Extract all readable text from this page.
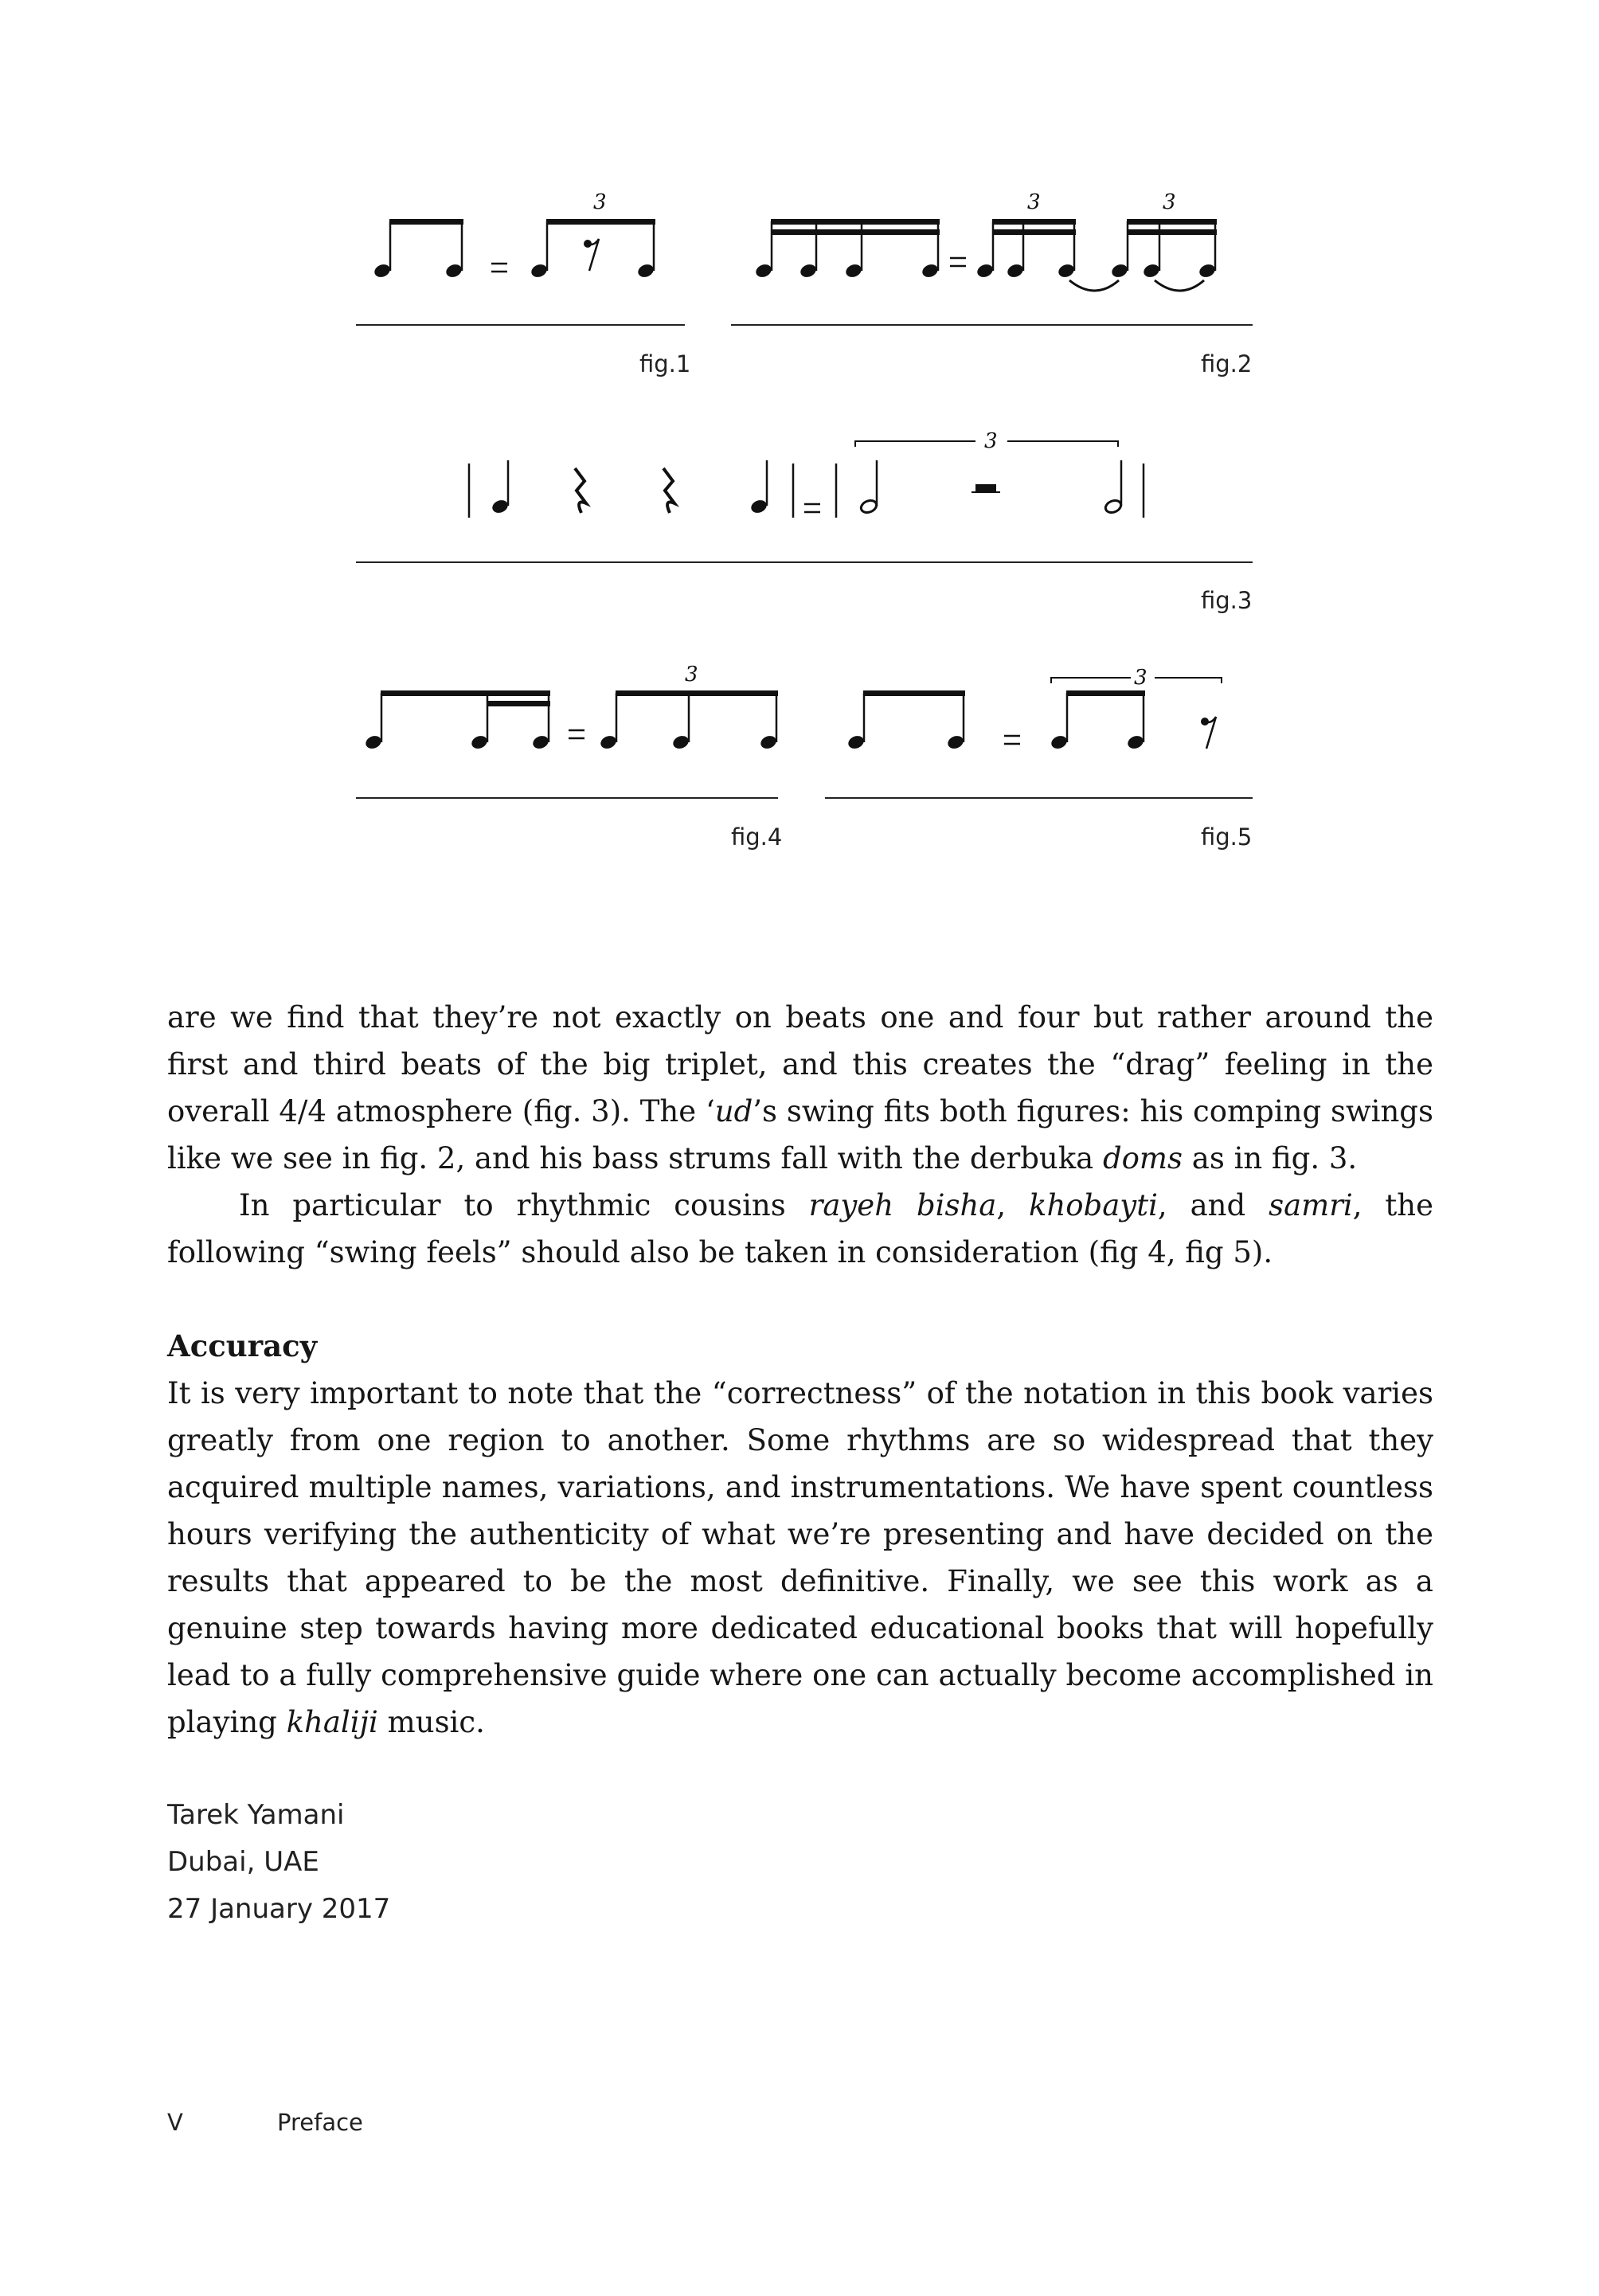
3	3	3
3
3	3
fig.1	fig.2
fig.3
fig.4	fig.5

are we find that they’re not exactly on beats one and four but rather around the first and third beats of the big triplet, and this creates the “drag” feeling in the overall 4/4 atmosphere (fig. 3). The ‘ud’s swing fits both figures: his comping swings like we see in fig. 2, and his bass strums fall with the derbuka doms as in fig. 3.

In particular to rhythmic cousins rayeh bisha, khobayti, and samri, the following “swing feels” should also be taken in consideration (fig 4, fig 5).

Accuracy

It is very important to note that the “correctness” of the notation in this book varies greatly from one region to another. Some rhythms are so widespread that they acquired multiple names, variations, and instrumentations. We have spent countless hours verifying the authenticity of what we’re presenting and have decided on the results that appeared to be the most definitive. Finally, we see this work as a genuine step towards having more dedicated educational books that will hopefully lead to a fully comprehensive guide where one can actually become accomplished in playing khaliji music.

Tarek Yamani
Dubai, UAE
27 January 2017
V	Preface
